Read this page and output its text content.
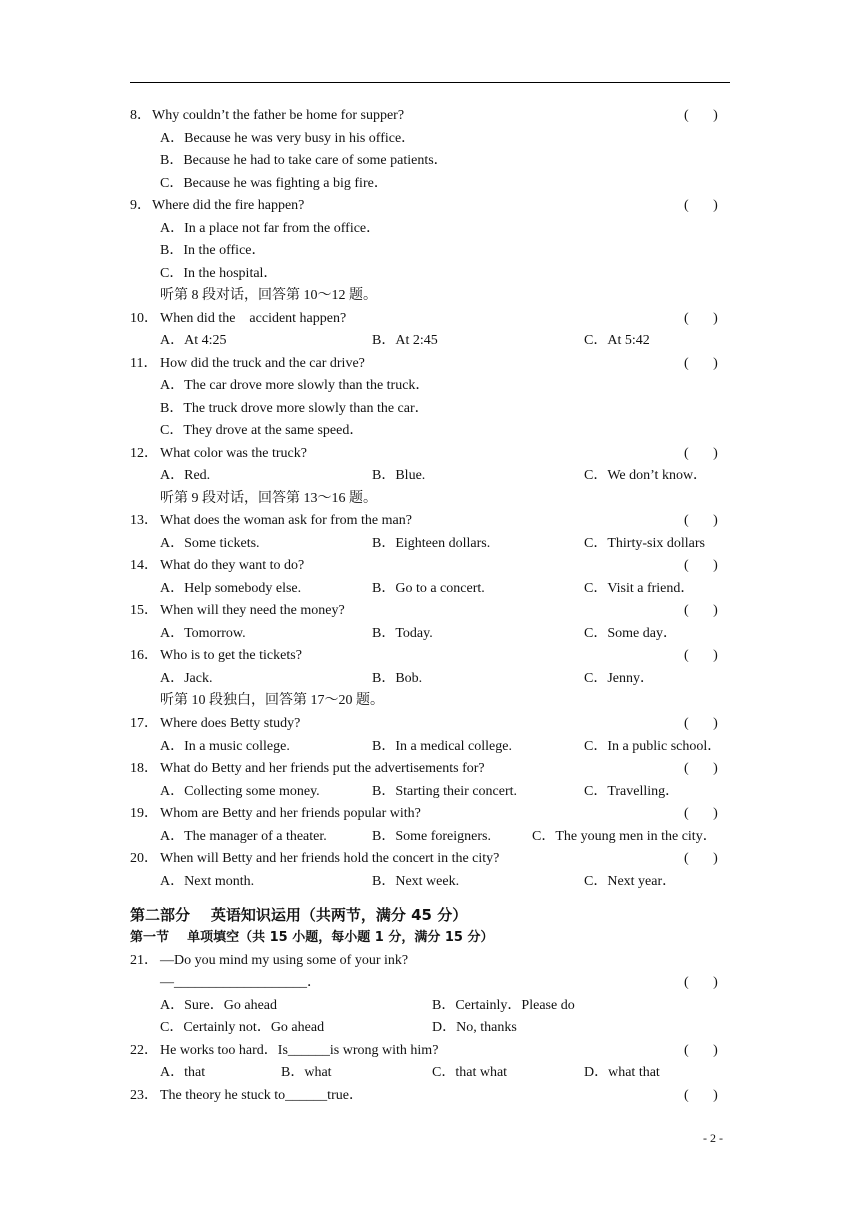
8． Why couldn’t the father be home for supper?	(       )
A．Because he was very busy in his office．
B．Because he had to take care of some patients．
C．Because he was fighting a big fire．
9． Where did the fire happen?	(       )
A．In a place not far from the office．
B．In the office．
C．In the hospital．
听第 8 段对话，回答第 10～12 题。
10． When did the    accident happen?	(       )
A．At 4:25	B．At 2:45	C．At 5:42
11． How did the truck and the car drive?	(       )
A．The car drove more slowly than the truck．
B．The truck drove more slowly than the car．
C．They drove at the same speed．
12． What color was the truck?	(       )
A．Red.	B．Blue.	C．We don’t know．
听第 9 段对话，回答第 13～16 题。
13． What does the woman ask for from the man?	(       )
A．Some tickets.	B．Eighteen dollars.	C．Thirty-six dollars
14． What do they want to do?	(       )
A．Help somebody else.	B．Go to a concert.	C．Visit a friend．
15． When will they need the money?	(       )
A．Tomorrow.	B．Today.	C．Some day．
16． Who is to get the tickets?	(       )
A．Jack.	B．Bob.	C．Jenny．
听第 10 段独白，回答第 17～20 题。
17． Where does Betty study?	(       )
A．In a music college.	B．In a medical college.	C．In a public school．
18． What do Betty and her friends put the advertisements for?	(       )
A．Collecting some money.	B．Starting their concert.	C．Travelling．
19． Whom are Betty and her friends popular with?	(       )
A．The manager of a theater.	B．Some foreigners.	C．The young men in the city．
20． When will Betty and her friends hold the concert in the city?	(       )
A．Next month.	B．Next week.	C．Next year．
第二部分    英语知识运用（共两节，满分 45 分）
第一节    单项填空（共 15 小题，每小题 1 分，满分 15 分）
21． —Do you mind my using some of your ink?
—___________________．	(       )
A．Sure．Go ahead	B．Certainly．Please do
C．Certainly not．Go ahead	D．No, thanks
22． He works too hard．Is______is wrong with him?	(       )
A．that	B．what	C．that what	D．what that
23． The theory he stuck to______true．	(       )
- 2 -
